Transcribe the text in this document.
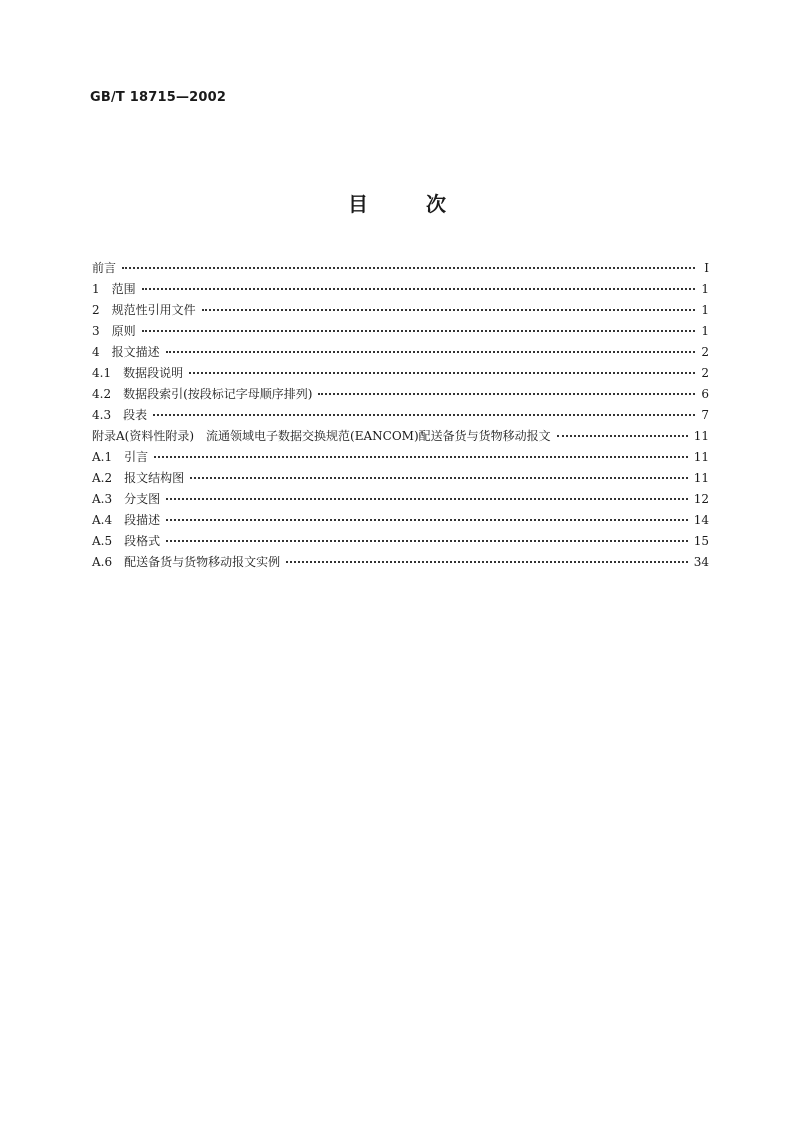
GB/T 18715—2002
目次
前言	I
1 范围	1
2 规范性引用文件	1
3 原则	1
4 报文描述	2
4.1 数据段说明	2
4.2 数据段索引(按段标记字母顺序排列)	6
4.3 段表	7
附录A(资料性附录)　流通领域电子数据交换规范(EANCOM)配送备货与货物移动报文	11
A.1 引言	11
A.2 报文结构图	11
A.3 分支图	12
A.4 段描述	14
A.5 段格式	15
A.6 配送备货与货物移动报文实例	34
